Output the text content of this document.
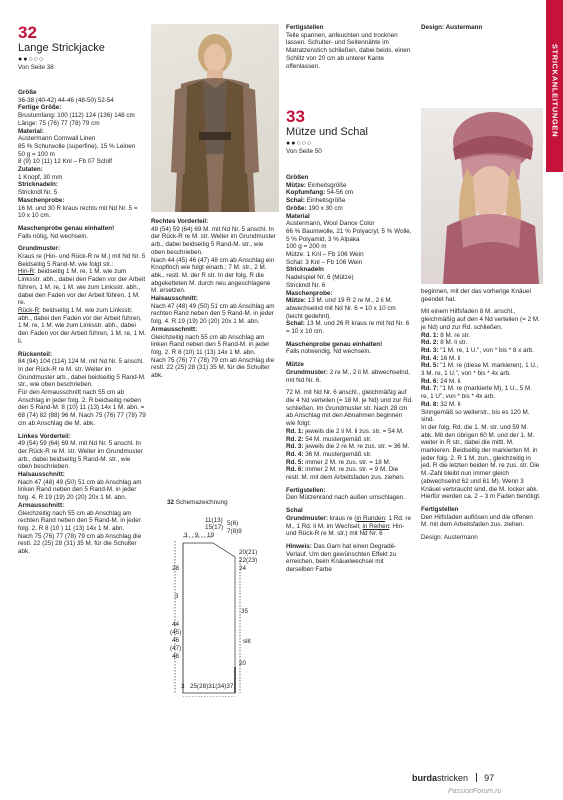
STRICKANLEITUNGEN
32
Lange Strickjacke
●●○○○
Von Seite 38

Größe

36-38 (40-42) 44-46 (48-50) 52-54

Fertige Größe:

Brustumfang: 100 (112) 124 (136) 148 cm

Länge: 75 (76) 77 (78) 79 cm

Material:

Austermann Cornwall Linen

85 % Schurwolle (superfine), 15 % Leinen

50 g = 100 m

8 (9) 10 (11) 12 Knl – Fb 07 Schilf

Zutaten:

1 Knopf, 30 mm

Stricknadeln:

Strickndl Nr. 5

Maschenprobe:

16 M. und 30 R kraus rechts mit Nd Nr. 5 = 10 x 10 cm.

Maschenprobe genau einhalten!

Falls nötig, Nd wechseln.

Grundmuster:

Kraus re (Hin- und Rück-R re M.) mit Nd Nr. 5

Beidseitig 5 Rand-M. wie folgt str.:

Hin-R: beidseitig 1 M. re, 1 M. wie zum Linksstr. abh., dabei den Faden vor der Arbeit führen, 1 M. re, 1 M. wie zum Linksstr. abh., dabei den Faden vor der Arbeit führen, 1 M. re.

Rück-R: beidseitig 1 M. wie zum Linksstr. abh., dabei den Faden vor der Arbeit führen, 1 M. re, 1 M. wie zum Linksstr. abh., dabei den Faden vor der Arbeit führen, 1 M. re, 1 M. li.

Rückenteil:

84 (94) 104 (114) 124 M. mit Nd Nr. 5 anschl. In der Rück-R re M. str. Weiter im Grundmuster arb., dabei beidseitig 5 Rand-M. str., wie oben beschrieben.

Für den Armausschnitt nach 55 cm ab Anschlag in jeder folg. 2. R beidseitig neben den 5 Rand-M. 8 (10) 11 (13) 14x 1 M. abn. = 68 (74) 82 (88) 96 M. Nach 75 (76) 77 (78) 79 cm ab Anschlag die M. abk.

Linkes Vorderteil:

49 (54) 59 (64) 69 M. mit Nd Nr. 5 anschl. In der Rück-R re M. str. Weiter im Grundmuster arb., dabei beidseitig 5 Rand-M. str., wie oben beschrieben.

Halsausschnitt:

Nach 47 (48) 49 (50) 51 cm ab Anschlag am linken Rand neben den 5 Rand-M. in jeder folg. 4. R 19 (19) 20 (20) 20x 1 M. abn.

Armausschnitt:

Gleichzeitig nach 55 cm ab Anschlag am rechten Rand neben den 5 Rand-M. in jeder folg. 2. R 8 (10 ) 11 (13) 14x 1 M. abn.

Nach 75 (76) 77 (78) 79 cm ab Anschlag die restl. 22 (25) 28 (31) 35 M. für die Schulter abk.

Rechtes Vorderteil:

49 (54) 59 (64) 69 M. mit Nd Nr. 5 anschl. In der Rück-R re M. str. Weiter im Grundmuster arb., dabei beidseitig 5 Rand-M. str., wie oben beschrieben.

Nach 44 (45) 46 (47) 48 cm ab Anschlag ein Knopfloch wie folgt einarb.: 7 M. str., 2 M. abk., restl. M. der R str. In der folg. R die abgeketteten M. durch neu angeschlagene M. ersetzen.

Halsausschnitt:

Nach 47 (48) 49 (50) 51 cm ab Anschlag am rechten Rand neben den 5 Rand-M. in jeder folg. 4. R 19 (19) 20 (20) 20x 1 M. abn.

Armausschnitt:

Gleichzeitig nach 55 cm ab Anschlag am linken Rand neben den 5 Rand-M. in jeder folg. 2. R 8 (10) 11 (13) 14x 1 M. abn.

Nach 75 (76) 77 (78) 79 cm ab Anschlag die restl. 22 (25) 28 (31) 35 M. für die Schulter abk.

32 Schemazeichnung
11(13)
15(17)
5(6)
7(8)9
3 9 19
20(21)
22(23)
24
28
3
35
44
(45)
46
(47)
48
slit
20
3 25(28)31(34)37

Fertigstellen

Teile spannen, anfeuchten und trocknen lassen. Schulter- und Seitennähte im Matratzenstich schließen, dabei beids. einen Schlitz von 20 cm ab unterer Kante offenlassen.

33
Mütze und Schal
●●○○○
Von Seite 50

Größen

Mütze: Einheitsgröße

Kopfumfang: 54-56 cm

Schal: Einheitsgröße

Größe: 190 x 30 cm

Material

Austermann, Wool Dance Color

66 % Baumwolle, 21 % Polyacryl, 5 % Wolle, 5 % Polyamid, 3 % Alpaka

100 g = 200 m

Mütze: 1 Knl – Fb 106 Wein

Schal: 3 Knl – Fb 106 Wein

Stricknadeln

Nadelspiel Nr. 6 (Mütze)

Strickndl Nr. 6

Maschenprobe:

Mütze: 13 M. und 19 R 2 re M., 2 li M. abwechselnd mit Nd Nr. 6 = 10 x 10 cm (leicht gedehnt).

Schal: 13 M. und 26 R kraus re mit Nd Nr. 6 = 10 x 10 cm.

Maschenprobe genau einhalten!

Falls notwendig, Nd wechseln.

Mütze

Grundmuster: 2 re M., 2 li M. abwechselnd, mit Nd Nr. 6.

72 M. mit Nd Nr. 6 anschl., gleichmäßig auf die 4 Nd verteilen (= 18 M. je Nd) und zur Rd. schließen. Im Grundmuster str. Nach 28 cm ab Anschlag mit den Abnahmen beginnen wie folgt:

Rd. 1: jeweils die 2 li M. li zus. str. = 54 M.

Rd. 2: 54 M. mustergemäß str.

Rd. 3: jeweils die 2 re M. re zus. str. = 36 M.

Rd. 4: 36 M. mustergemäß str.

Rd. 5: immer 2 M. re zus. str. = 18 M.

Rd. 6: immer 2 M. re zus. str. = 9 M. Die restl. M. mit dem Arbeitsfaden zus. ziehen.

Fertigstellen:

Den Mützenrand nach außen umschlagen.

Schal

Grundmuster: kraus re (in Runden: 1 Rd. re M., 1 Rd. li M. im Wechsel; in Reihen: Hin- und Rück-R re M. str.) mit Nd Nr. 6

Hinweis: Das Garn hat einen Degradé-Verlauf. Um den gewünschten Effekt zu erreichen, beim Knäuelwechsel mit derselben Farbe

Design: Austermann

beginnen, mit der das vorherige Knäuel geendet hat.

Mit einem Hilfsfaden 8 M. anschl., gleichmäßig auf den 4 Nd verteilen (= 2 M. je Nd) und zur Rd. schließen.

Rd. 1: 8 M. re str.

Rd. 2: 8 M. li str.

Rd. 3: "1 M. re, 1 U.", von * bis * 8 x arb.

Rd. 4: 16 M. li

Rd. 5: "1 M. re (diese M. markieren), 1 U., 3 M. re, 1 U.", von * bis * 4x arb.

Rd. 6: 24 M. li

Rd. 7: "1 M. re (markierte M), 1 U., 5 M. re, 1 U", von * bis * 4x arb.

Rd. 8: 32 M. li

Sinngemäß so weiterstr., bis es 120 M. sind.

In der folg. Rd. die 1. M. str. und 59 M. abk. Mit den übrigen 60 M. und der 1. M. weiter in R str., dabei die mittl. M. markieren. Beidseitig der markierten M. in jeder folg. 2. R 1 M. zun., gleichzeitig in jed. R die letzten beiden M. re zus. str. Die M.-Zahl bleibt nun immer gleich (abwechselnd 62 und 61 M). Wenn 3 Knäuel verbraucht sind, die M. locker abk. Hierfür werden ca. 2 – 3 m Faden benötigt.

Fertigstellen

Den Hilfsfaden auflösen und die offenen M. mit dem Arbeitsfaden zus. ziehen.

Design: Austermann

burdastricken 97
PassionForum.ru
